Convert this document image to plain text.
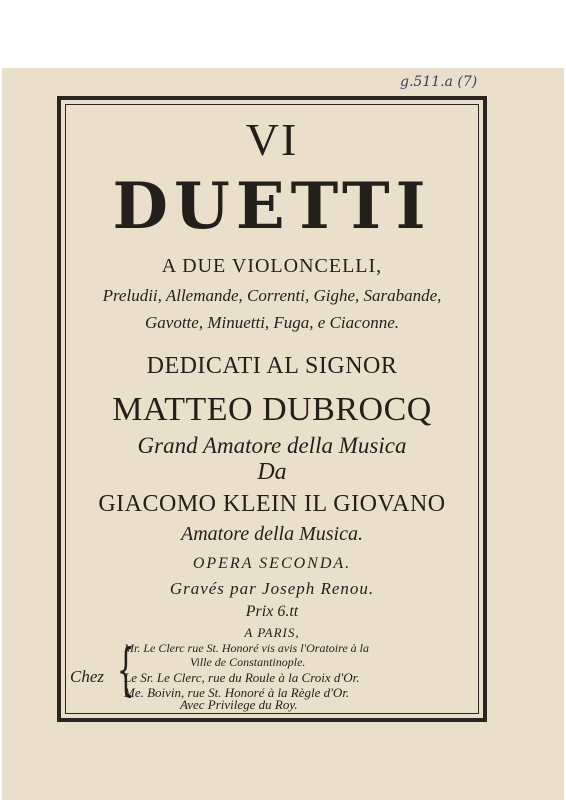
g.511.a (7)
VI
DUETTI
A DUE VIOLONCELLI,
Preludii, Allemande, Correnti, Gighe, Sarabande,
Gavotte, Minuetti, Fuga, e Ciaconne.
DEDICATI AL SIGNOR
MATTEO DUBROCQ
Grand Amatore della Musica
Da
GIACOMO KLEIN IL GIOVANO
Amatore della Musica.
OPERA SECONDA.
Gravés par Joseph Renou.
Prix 6.tt
A PARIS,
Chez {
Mr. Le Clerc rue St. Honoré vis avis l'Oratoire à la
Ville de Constantinople.
Le Sr. Le Clerc, rue du Roule à la Croix d'Or.
Me. Boivin, rue St. Honoré à la Règle d'Or.
Avec Privilege du Roy.
